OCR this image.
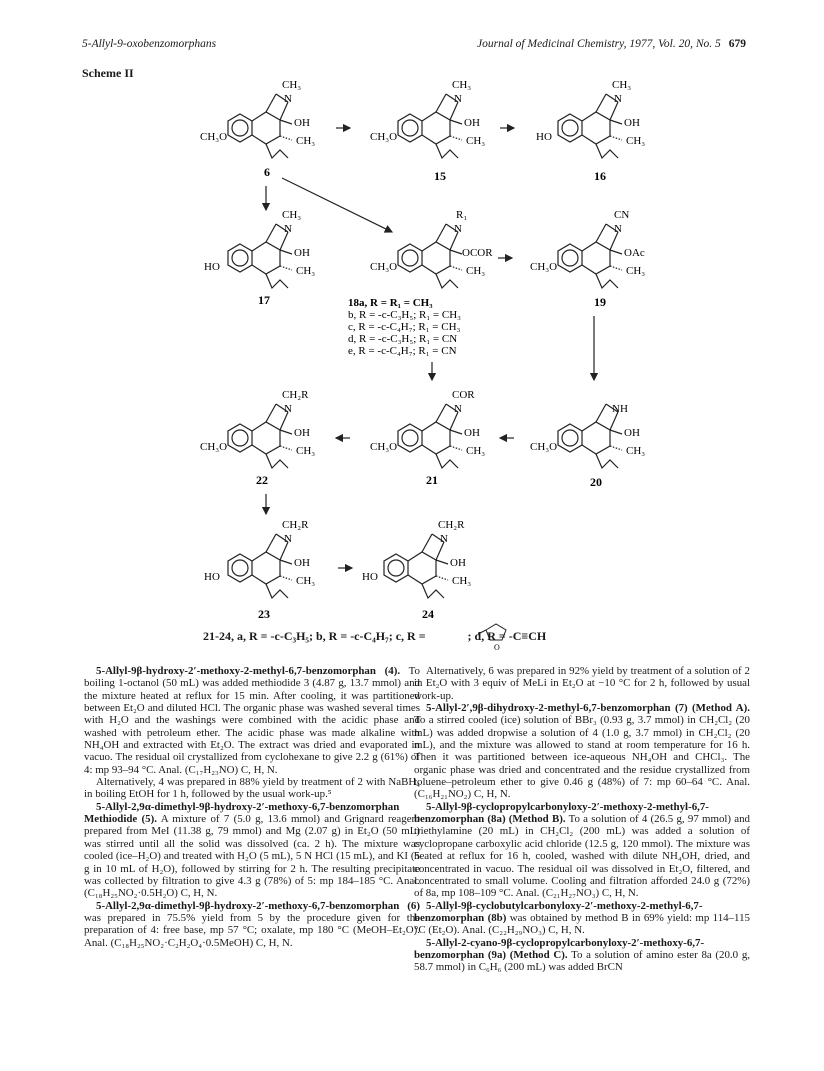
5-Allyl-9-oxobenzomorphans	Journal of Medicinal Chemistry, 1977, Vol. 20, No. 5 679
Scheme II
CH₃O
CH₃
N
OH
CH₃
6
CH₃O
CH₃
N
OH
CH₃
15
HO
CH₃
N
OH
CH₃
16
HO
CH₃
N
OH
CH₃
17
CH₃O
R₁
N
OCOR
CH₃	CH₃O
CN
N
OAc
CH₃
19
18a, R = R₁ = CH₃
b, R = -c-C₃H₅; R₁ = CH₃
c, R = -c-C₄H₇; R₁ = CH₃
d, R = -c-C₃H₅; R₁ = CN
e, R = -c-C₄H₇; R₁ = CN
CH₃O
CH₂R
N
OH
CH₃
22
CH₃O
COR
N
OH
CH₃
21
CH₃O
NH
OH
CH₃
20
HO
CH₂R
N
OH
CH₃
23
HO
CH₂R
N
OH
CH₃
24
O
21-24, a, R = -c-C₃H₅; b, R = -c-C₄H₇; c, R =	; d, R = -C≡CH

5-Allyl-9β-hydroxy-2′-methoxy-2-methyl-6,7-benzomorphan (4). To boiling 1-octanol (50 mL) was added methiodide 3 (4.87 g, 13.7 mmol) and the mixture heated at reflux for 15 min. After cooling, it was partitioned between Et₂O and diluted HCl. The organic phase was washed several times with H₂O and the washings were combined with the acidic phase and washed with petroleum ether. The acidic phase was made alkaline with NH₄OH and extracted with Et₂O. The extract was dried and evaporated in vacuo. The residual oil crystallized from cyclohexane to give 2.2 g (61%) of 4: mp 93–94 °C. Anal. (C₁₇H₂₃NO) C, H, N.

Alternatively, 4 was prepared in 88% yield by treatment of 2 with NaBH₄ in boiling EtOH for 1 h, followed by the usual work-up.⁵

5-Allyl-2,9α-dimethyl-9β-hydroxy-2′-methoxy-6,7-benzomorphan Methiodide (5). A mixture of 7 (5.0 g, 13.6 mmol) and Grignard reagent prepared from MeI (11.38 g, 79 mmol) and Mg (2.07 g) in Et₂O (50 mL) was stirred until all the solid was dissolved (ca. 2 h). The mixture was cooled (ice–H₂O) and treated with H₂O (5 mL), 5 N HCl (15 mL), and KI (5 g in 10 mL of H₂O), followed by stirring for 2 h. The resulting precipitate was collected by filtration to give 4.3 g (78%) of 5: mp 184–185 °C. Anal. (C₁₈H₂₅NO₂·0.5H₂O) C, H, N.

5-Allyl-2,9α-dimethyl-9β-hydroxy-2′-methoxy-6,7-benzomorphan (6) was prepared in 75.5% yield from 5 by the procedure given for the preparation of 4: free base, mp 57 °C; oxalate, mp 180 °C (MeOH–Et₂O). Anal. (C₁₈H₂₅NO₂·C₂H₂O₄·0.5MeOH) C, H, N.

Alternatively, 6 was prepared in 92% yield by treatment of a solution of 2 in Et₂O with 3 equiv of MeLi in Et₂O at −10 °C for 2 h, followed by usual work-up.

5-Allyl-2′,9β-dihydroxy-2-methyl-6,7-benzomorphan (7) (Method A). To a stirred cooled (ice) solution of BBr₃ (0.93 g, 3.7 mmol) in CH₂Cl₂ (20 mL) was added dropwise a solution of 4 (1.0 g, 3.7 mmol) in CH₂Cl₂ (20 mL), and the mixture was allowed to stand at room temperature for 16 h. Then it was partitioned between ice-aqueous NH₄OH and CHCl₃. The organic phase was dried and concentrated and the residue crystallized from toluene–petroleum ether to give 0.46 g (48%) of 7: mp 60–64 °C. Anal. (C₁₆H₂₁NO₂) C, H, N.

5-Allyl-9β-cyclopropylcarbonyloxy-2′-methoxy-2-methyl-6,7-benzomorphan (8a) (Method B). To a solution of 4 (26.5 g, 97 mmol) and triethylamine (20 mL) in CH₂Cl₂ (200 mL) was added a solution of cyclopropane carboxylic acid chloride (12.5 g, 120 mmol). The mixture was heated at reflux for 16 h, cooled, washed with dilute NH₄OH, dried, and concentrated in vacuo. The residual oil was dissolved in Et₂O, filtered, and concentrated to small volume. Cooling and filtration afforded 24.0 g (72%) of 8a, mp 108–109 °C. Anal. (C₂₁H₂₇NO₃) C, H, N.

5-Allyl-9β-cyclobutylcarbonyloxy-2′-methoxy-2-methyl-6,7-benzomorphan (8b) was obtained by method B in 69% yield: mp 114–115 °C (Et₂O). Anal. (C₂₂H₂₉NO₃) C, H, N.

5-Allyl-2-cyano-9β-cyclopropylcarbonyloxy-2′-methoxy-6,7-benzomorphan (9a) (Method C). To a solution of amino ester 8a (20.0 g, 58.7 mmol) in C₆H₆ (200 mL) was added BrCN
